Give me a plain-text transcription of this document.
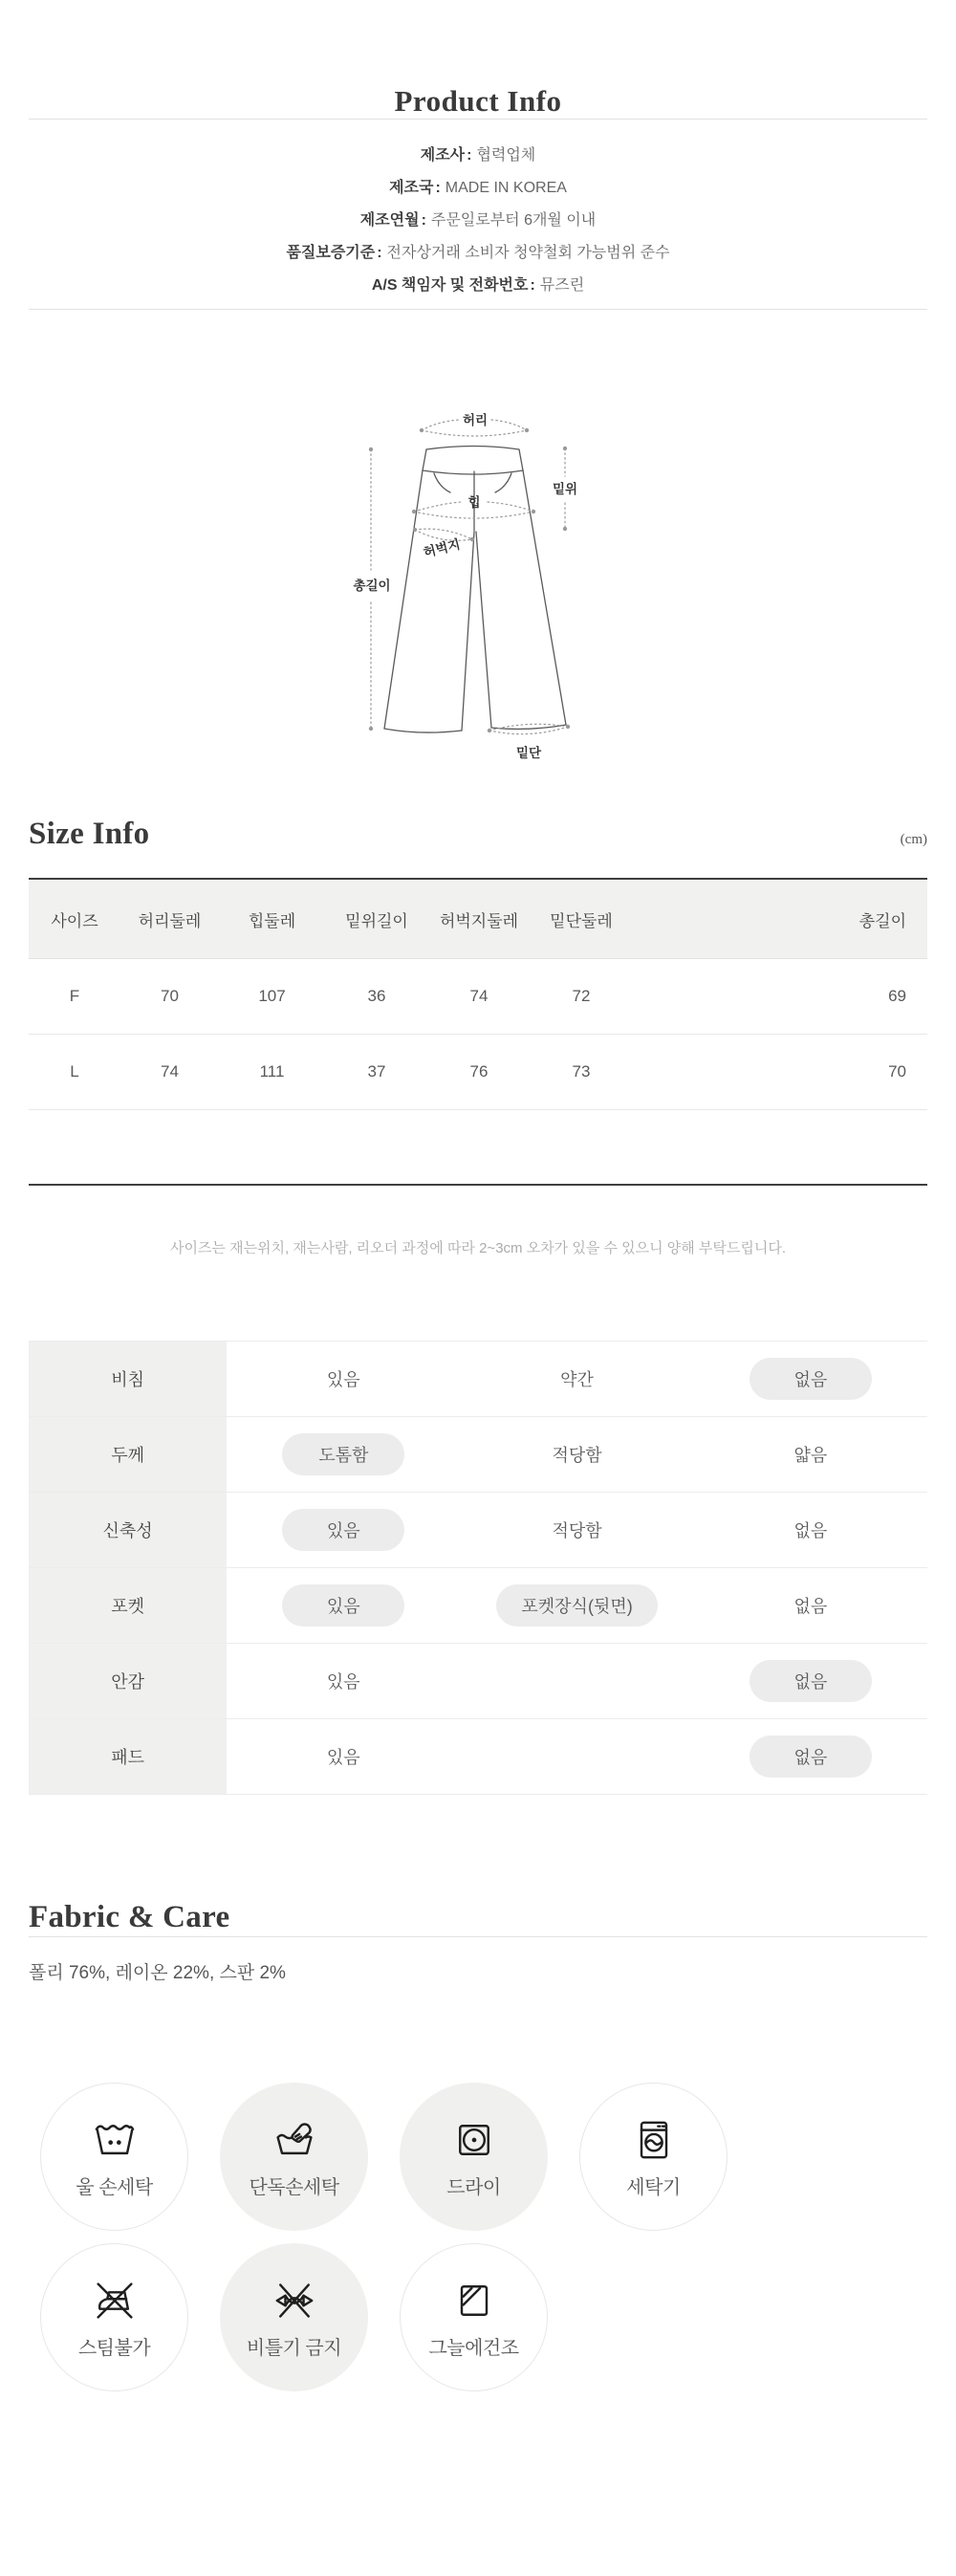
Product Info

제조사 : 협력업체

제조국 : MADE IN KOREA

제조연월 : 주문일로부터 6개월 이내

품질보증기준 : 전자상거래 소비자 청약철회 가능범위 준수

A/S 책임자 및 전화번호 : 뮤즈린

허리
밑위
힙
허벅지
총길이
밑단
Size Info	(cm)
사이즈	허리둘레	힙둘레	밑위길이	허벅지둘레	밑단둘레	총길이
F	70	107	36	74	72	69
L	74	111	37	76	73	70

사이즈는 재는위치, 재는사람, 리오더 과정에 따라 2~3cm 오차가 있을 수 있으니 양해 부탁드립니다.

비침	있음	약간	없음
두께	도톰함	적당함	얇음
신축성	있음	적당함	없음
포켓	있음	포켓장식(뒷면)	없음
안감	있음		없음
패드	있음		없음
Fabric & Care

폴리 76%, 레이온 22%, 스판 2%

울 손세탁	단독손세탁	드라이	세탁기
스팀불가	비틀기 금지	그늘에건조
